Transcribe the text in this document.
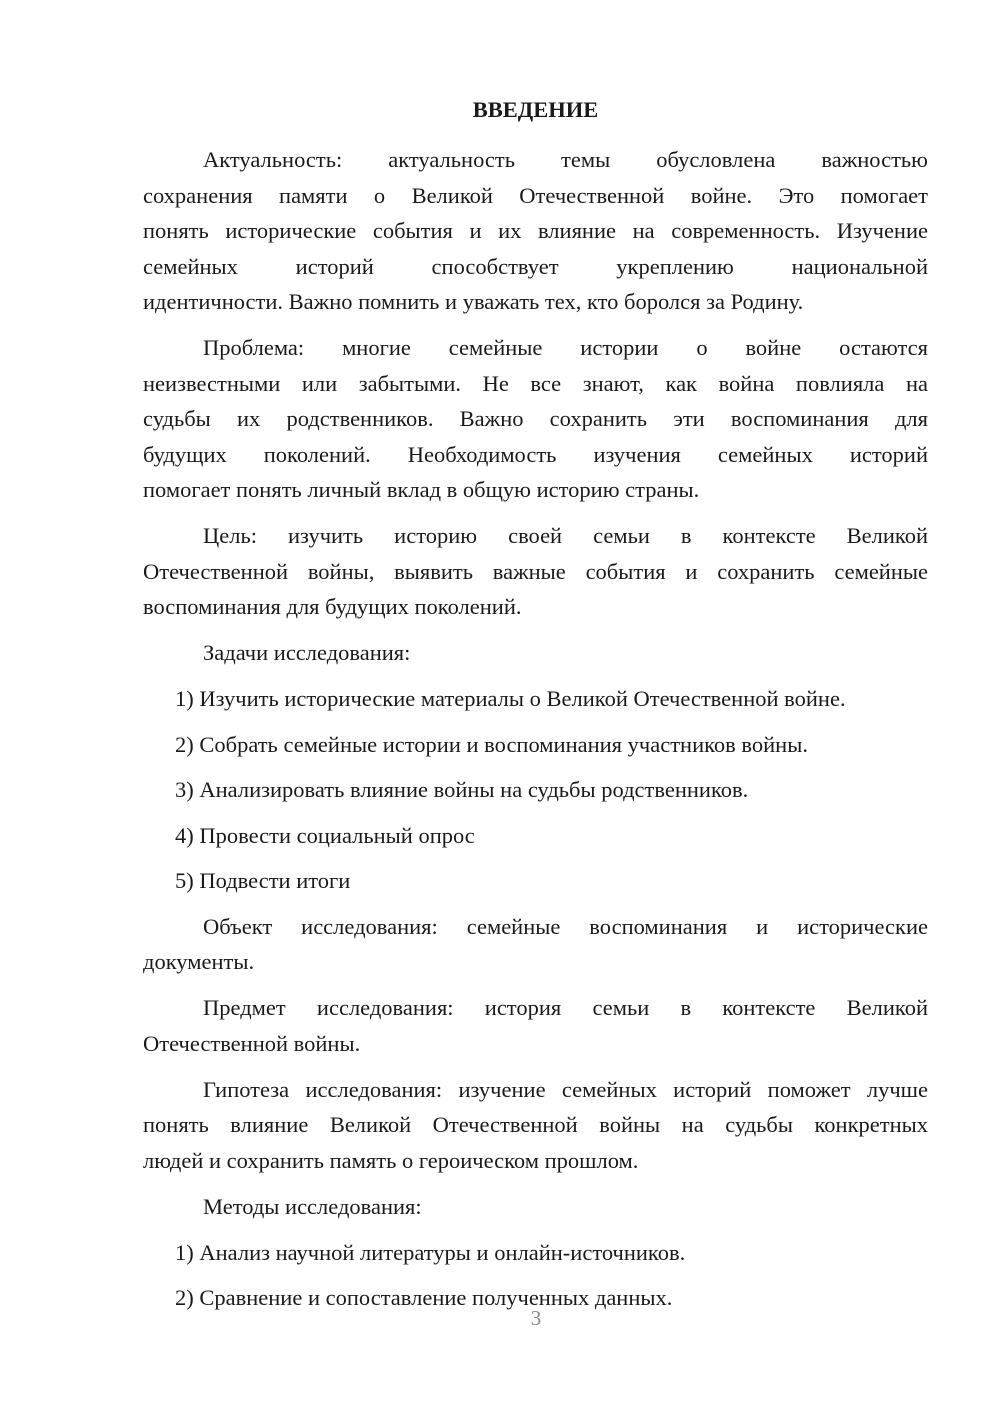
ВВЕДЕНИЕ
Актуальность: актуальность темы обусловлена важностью
сохранения памяти о Великой Отечественной войне. Это помогает
понять исторические события и их влияние на современность. Изучение
семейных историй способствует укреплению национальной
идентичности. Важно помнить и уважать тех, кто боролся за Родину.
Проблема: многие семейные истории о войне остаются
неизвестными или забытыми. Не все знают, как война повлияла на
судьбы их родственников. Важно сохранить эти воспоминания для
будущих поколений. Необходимость изучения семейных историй
помогает понять личный вклад в общую историю страны.
Цель: изучить историю своей семьи в контексте Великой
Отечественной войны, выявить важные события и сохранить семейные
воспоминания для будущих поколений.
Задачи исследования:
1) Изучить исторические материалы о Великой Отечественной войне.
2) Собрать семейные истории и воспоминания участников войны.
3) Анализировать влияние войны на судьбы родственников.
4) Провести социальный опрос
5) Подвести итоги
Объект исследования: семейные воспоминания и исторические
документы.
Предмет исследования: история семьи в контексте Великой
Отечественной войны.
Гипотеза исследования: изучение семейных историй поможет лучше
понять влияние Великой Отечественной войны на судьбы конкретных
людей и сохранить память о героическом прошлом.
Методы исследования:
1) Анализ научной литературы и онлайн-источников.
2) Сравнение и сопоставление полученных данных.
3
